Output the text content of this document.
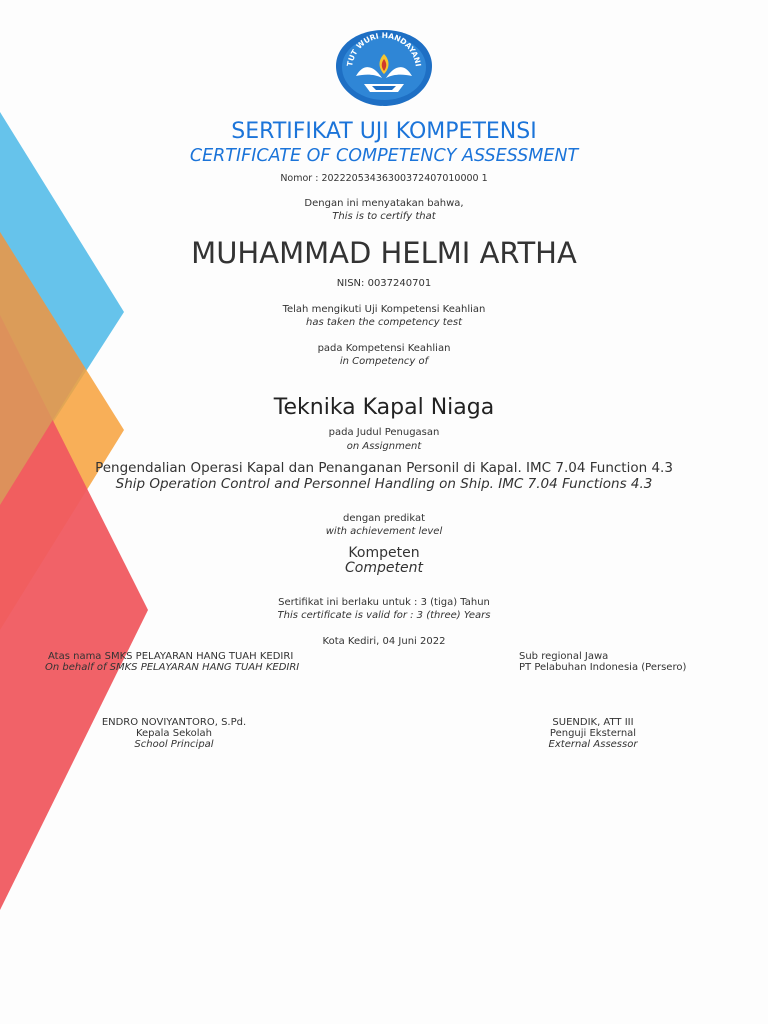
TUT WURI HANDAYANI
SERTIFIKAT UJI KOMPETENSI
CERTIFICATE OF COMPETENCY ASSESSMENT
Nomor : 20222053436300372407010000 1
Dengan ini menyatakan bahwa,
This is to certify that
MUHAMMAD HELMI ARTHA
NISN: 0037240701
Telah mengikuti Uji Kompetensi Keahlian
has taken the competency test
pada Kompetensi Keahlian
in Competency of
Teknika Kapal Niaga
pada Judul Penugasan
on Assignment
Pengendalian Operasi Kapal dan Penanganan Personil di Kapal. IMC 7.04 Function 4.3
Ship Operation Control and Personnel Handling on Ship. IMC 7.04 Functions 4.3
dengan predikat
with achievement level
Kompeten
Competent
Sertifikat ini berlaku untuk : 3 (tiga) Tahun
This certificate is valid for : 3 (three) Years
Kota Kediri, 04 Juni 2022
Atas nama SMKS PELAYARAN HANG TUAH KEDIRI
On behalf of SMKS PELAYARAN HANG TUAH KEDIRI
ENDRO NOVIYANTORO, S.Pd.
Kepala Sekolah
School Principal
Sub regional Jawa
PT Pelabuhan Indonesia (Persero)
SUENDIK, ATT III
Penguji Eksternal
External Assessor
